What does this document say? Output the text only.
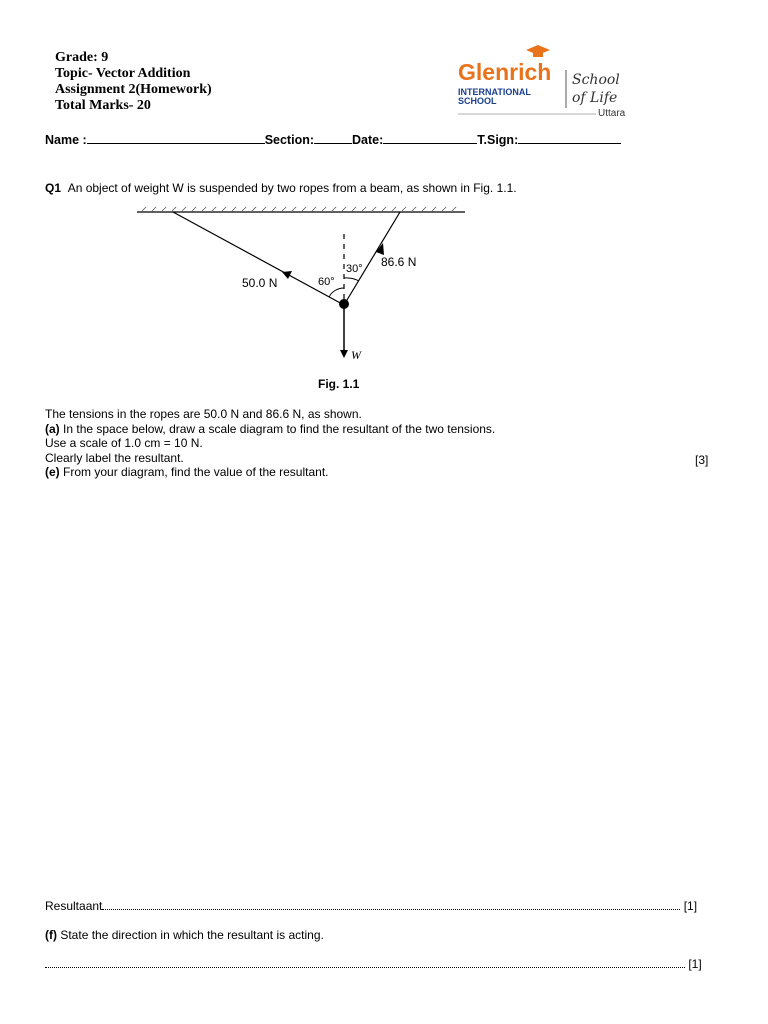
Grade: 9
Topic- Vector Addition
Assignment 2(Homework)
Total Marks- 20
Glenrich
INTERNATIONAL
SCHOOL
School
of Life
Uttara
Name :	Section:	Date:	T.Sign:
Q1 An object of weight W is suspended by two ropes from a beam, as shown in Fig. 1.1.
50.0 N
86.6 N
60°
30°
W
Fig. 1.1
The tensions in the ropes are 50.0 N and 86.6 N, as shown.
(a) In the space below, draw a scale diagram to find the resultant of the two tensions.
Use a scale of 1.0 cm = 10 N.
Clearly label the resultant.
(e) From your diagram, find the value of the resultant.
[3]
Resultaant	[1]
(f) State the direction in which the resultant is acting.
[1]
